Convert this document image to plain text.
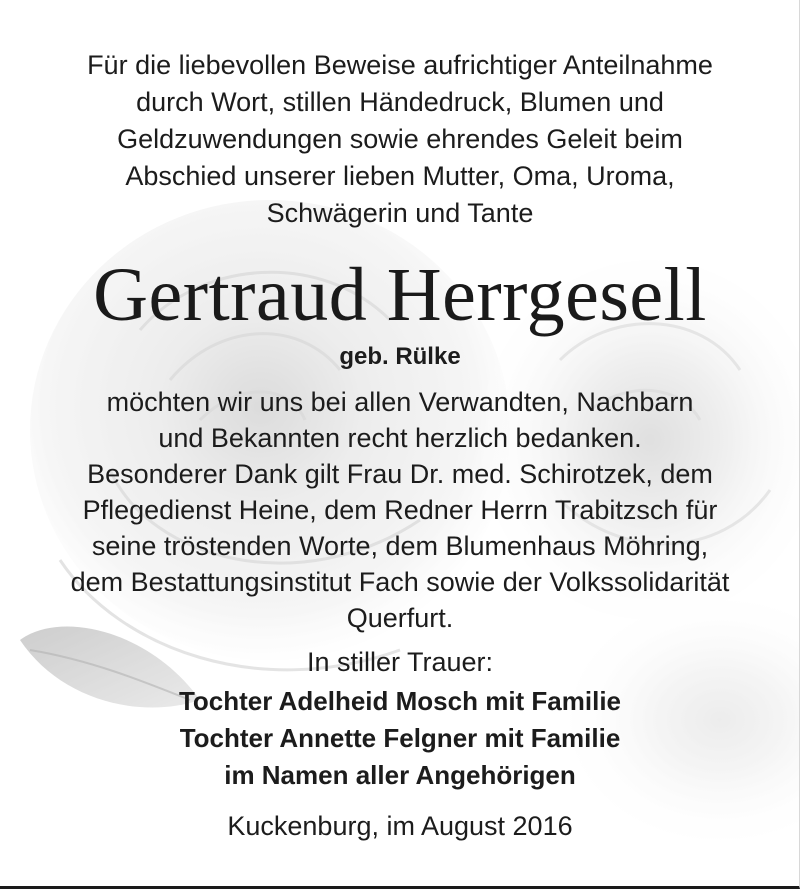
Für die liebevollen Beweise aufrichtiger Anteilnahme
durch Wort, stillen Händedruck, Blumen und
Geldzuwendungen sowie ehrendes Geleit beim
Abschied unserer lieben Mutter, Oma, Uroma,
Schwägerin und Tante
Gertraud Herrgesell
geb. Rülke
möchten wir uns bei allen Verwandten, Nachbarn
und Bekannten recht herzlich bedanken.
Besonderer Dank gilt Frau Dr. med. Schirotzek, dem
Pflegedienst Heine, dem Redner Herrn Trabitzsch für
seine tröstenden Worte, dem Blumenhaus Möhring,
dem Bestattungsinstitut Fach sowie der Volkssolidarität
Querfurt.
In stiller Trauer:
Tochter Adelheid Mosch mit Familie
Tochter Annette Felgner mit Familie
im Namen aller Angehörigen
Kuckenburg, im August 2016
